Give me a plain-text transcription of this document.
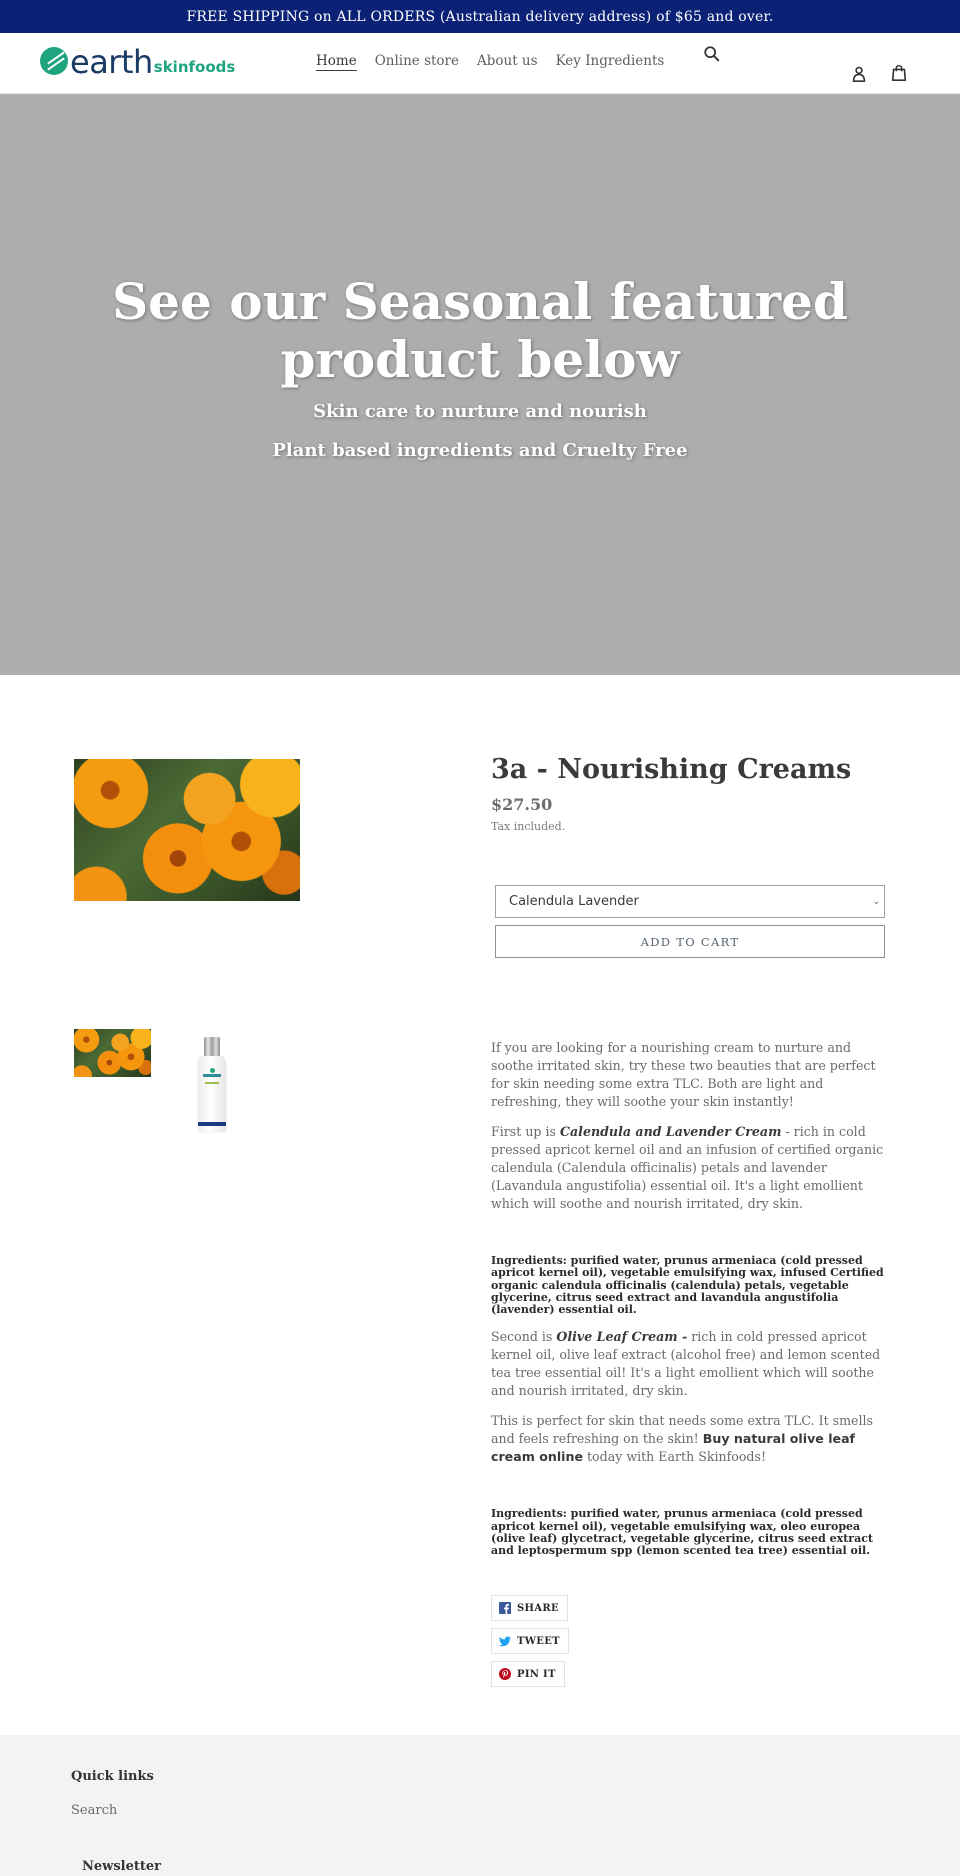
FREE SHIPPING on ALL ORDERS (Australian delivery address) of $65 and over.
earth skinfoods	Home Online store About us Key Ingredients
See our Seasonal featured product below
Skin care to nurture and nourish
Plant based ingredients and Cruelty Free
3a - Nourishing Creams
$27.50
Tax included.
Calendula Lavender	⌄
ADD TO CART

If you are looking for a nourishing cream to nurture and soothe irritated skin, try these two beauties that are perfect for skin needing some extra TLC. Both are light and refreshing, they will soothe your skin instantly!

First up is Calendula and Lavender Cream - rich in cold pressed apricot kernel oil and an infusion of certified organic calendula (Calendula officinalis) petals and lavender (Lavandula angustifolia) essential oil. It's a light emollient which will soothe and nourish irritated, dry skin.

Ingredients: purified water, prunus armeniaca (cold pressed apricot kernel oil), vegetable emulsifying wax, infused Certified organic calendula officinalis (calendula) petals, vegetable glycerine, citrus seed extract and lavandula angustifolia (lavender) essential oil.

Second is Olive Leaf Cream - rich in cold pressed apricot kernel oil, olive leaf extract (alcohol free) and lemon scented tea tree essential oil! It's a light emollient which will soothe and nourish irritated, dry skin.

This is perfect for skin that needs some extra TLC. It smells and feels refreshing on the skin! Buy natural olive leaf cream online today with Earth Skinfoods!

Ingredients: purified water, prunus armeniaca (cold pressed apricot kernel oil), vegetable emulsifying wax, oleo europea (olive leaf) glycetract, vegetable glycerine, citrus seed extract and leptospermum spp (lemon scented tea tree) essential oil.

SHARE
TWEET
PIN IT
Quick links
Search
Newsletter
